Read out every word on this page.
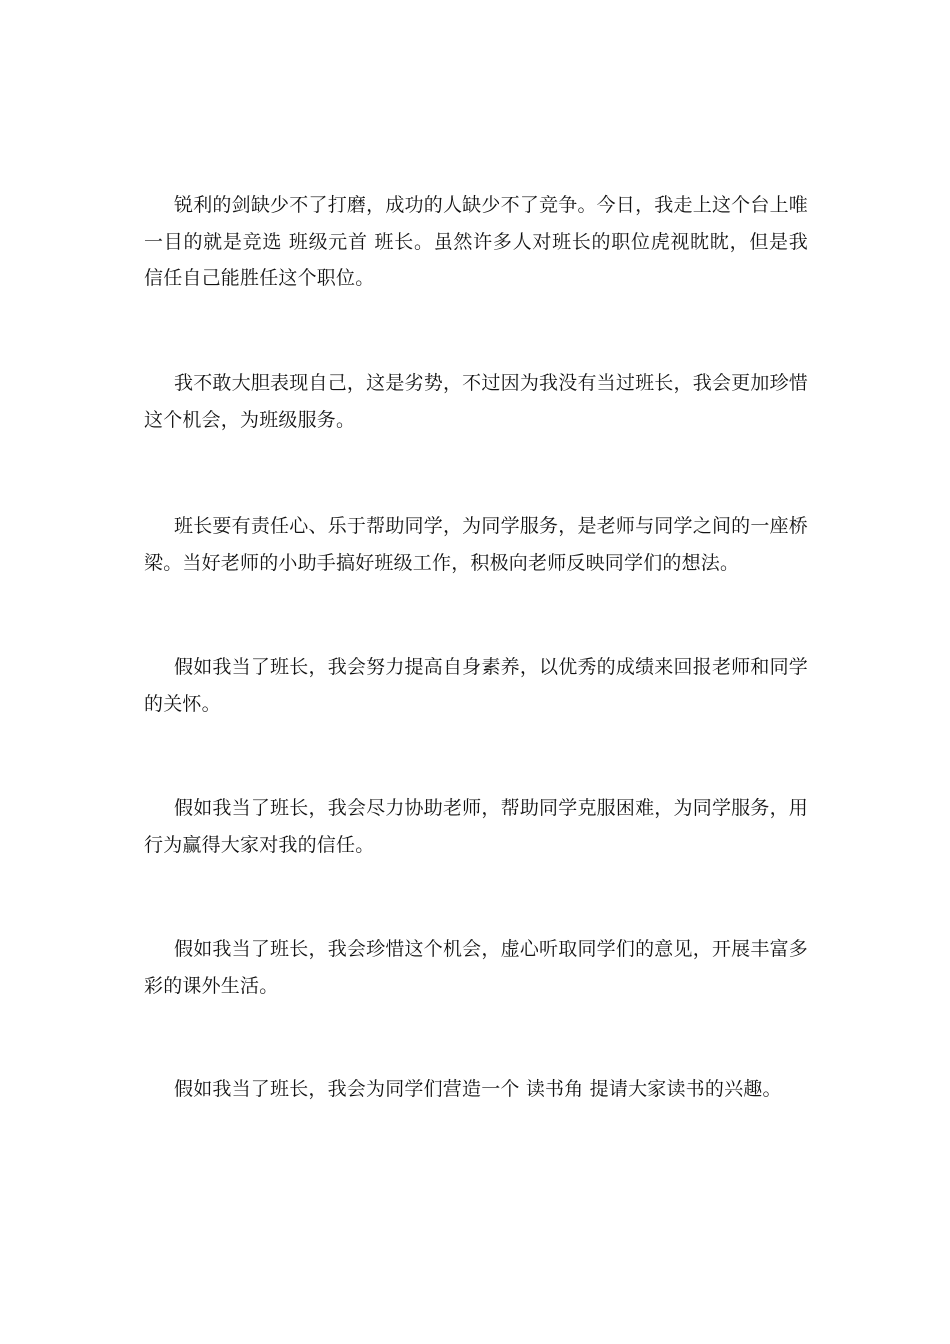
锐利的剑缺少不了打磨，成功的人缺少不了竞争。今日，我走上这个台上唯一目的就是竞选 班级元首 班长。虽然许多人对班长的职位虎视眈眈，但是我信任自己能胜任这个职位。

我不敢大胆表现自己，这是劣势，不过因为我没有当过班长，我会更加珍惜这个机会，为班级服务。

班长要有责任心、乐于帮助同学，为同学服务，是老师与同学之间的一座桥梁。当好老师的小助手搞好班级工作，积极向老师反映同学们的想法。

假如我当了班长，我会努力提高自身素养，以优秀的成绩来回报老师和同学的关怀。

假如我当了班长，我会尽力协助老师，帮助同学克服困难，为同学服务，用行为赢得大家对我的信任。

假如我当了班长，我会珍惜这个机会，虚心听取同学们的意见，开展丰富多彩的课外生活。

假如我当了班长，我会为同学们营造一个 读书角 提请大家读书的兴趣。
